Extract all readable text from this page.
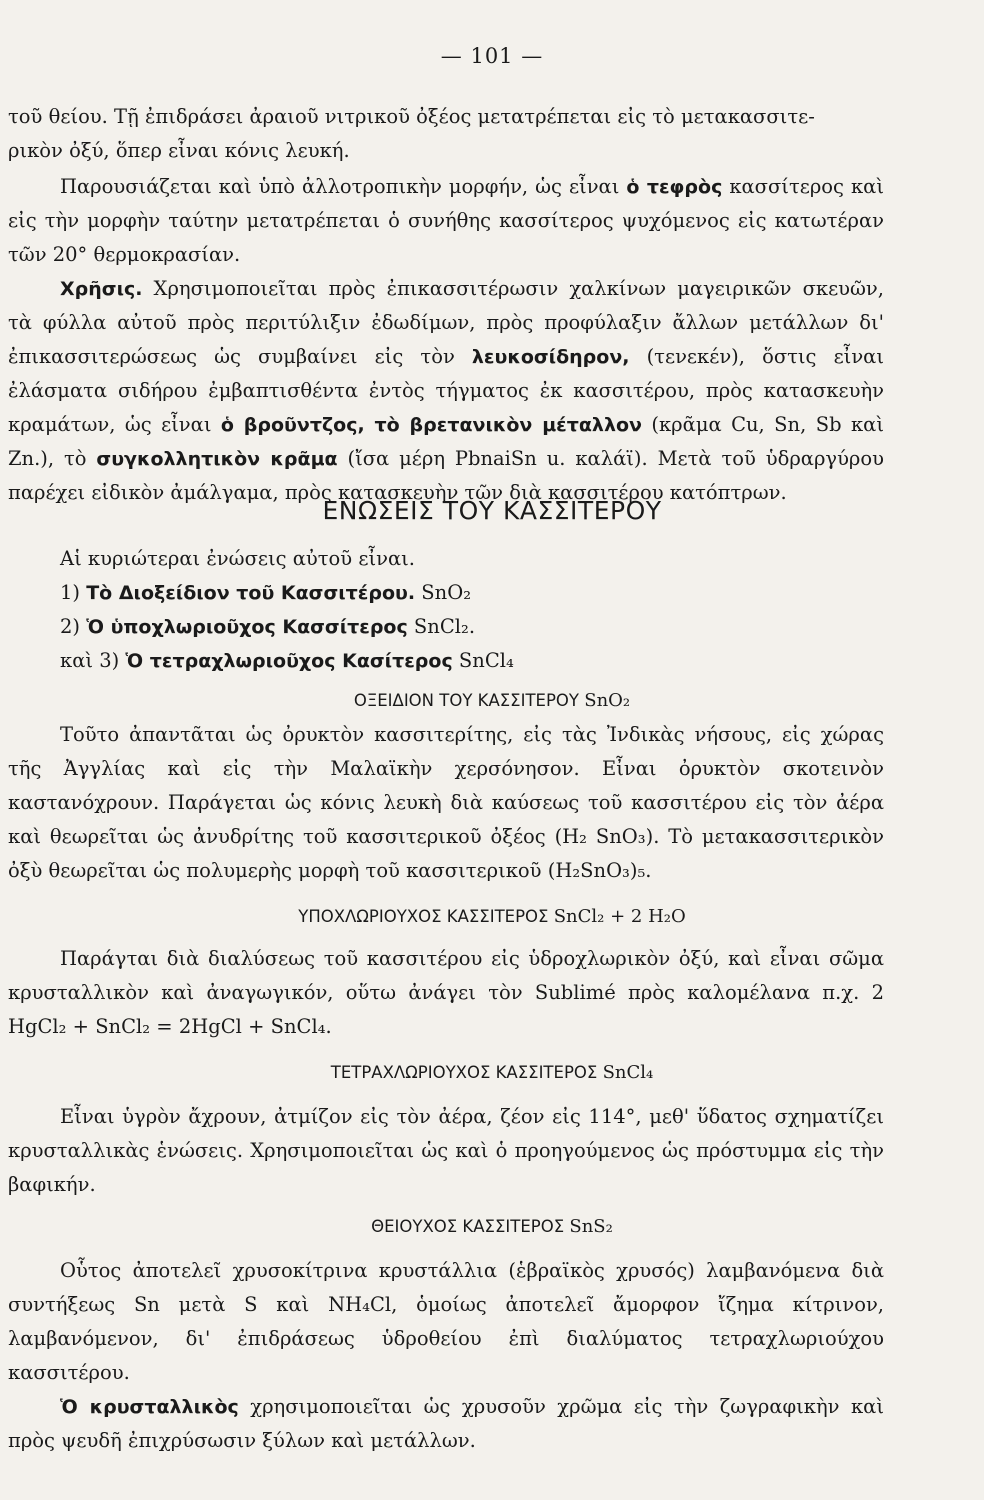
— 101 —

τοῦ θείου. Τῇ ἐπιδράσει ἀραιοῦ νιτρικοῦ ὀξέος μετατρέπεται εἰς τὸ μετακασσιτε-

ρικὸν ὀξύ, ὅπερ εἶναι κόνις λευκή.

Παρουσιάζεται καὶ ὑπὸ ἀλλοτροπικὴν μορφήν, ὡς εἶναι ὁ τεφρὸς κασσίτερος καὶ εἰς τὴν μορφὴν ταύτην μετατρέπεται ὁ συνήθης κασσίτερος ψυχόμενος εἰς κατωτέραν τῶν 20° θερμοκρασίαν.

Χρῆσις. Χρησιμοποιεῖται πρὸς ἐπικασσιτέρωσιν χαλκίνων μαγειρικῶν σκευῶν, τὰ φύλλα αὐτοῦ πρὸς περιτύλιξιν ἐδωδίμων, πρὸς προφύλαξιν ἄλλων μετάλλων δι' ἐπικασσιτερώσεως ὡς συμβαίνει εἰς τὸν λευκοσίδηρον, (τενεκέν), ὅστις εἶναι ἐλάσματα σιδήρου ἐμβαπτισθέντα ἐντὸς τήγματος ἐκ κασσιτέρου, πρὸς κατασκευὴν κραμάτων, ὡς εἶναι ὁ βροῦντζος, τὸ βρετανικὸν μέταλλον (κρᾶμα Cu, Sn, Sb καὶ Zn.), τὸ συγκολλητικὸν κρᾶμα (ἴσα μέρη PbnaiSn u. καλάϊ). Μετὰ τοῦ ὑδραργύρου παρέχει εἰδικὸν ἀμάλγαμα, πρὸς κατασκευὴν τῶν διὰ κασσιτέρου κατόπτρων.

ΕΝΩΣΕΙΣ ΤΟΥ ΚΑΣΣΙΤΕΡΟΥ

Αἱ κυριώτεραι ἐνώσεις αὐτοῦ εἶναι.

1) Τὸ Διοξείδιον τοῦ Κασσιτέρου. SnO₂

2) Ὁ ὑποχλωριοῦχος Κασσίτερος SnCl₂.

καὶ 3) Ὁ τετραχλωριοῦχος Κασίτερος SnCl₄

ΟΞΕΙΔΙΟΝ ΤΟΥ ΚΑΣΣΙΤΕΡΟΥ SnO₂

Τοῦτο ἀπαντᾶται ὡς ὀρυκτὸν κασσιτερίτης, εἰς τὰς Ἰνδικὰς νήσους, εἰς χώρας τῆς Ἀγγλίας καὶ εἰς τὴν Μαλαϊκὴν χερσόνησον. Εἶναι ὀρυκτὸν σκοτεινὸν καστανόχρουν. Παράγεται ὡς κόνις λευκὴ διὰ καύσεως τοῦ κασσιτέρου εἰς τὸν ἀέρα καὶ θεωρεῖται ὡς ἀνυδρίτης τοῦ κασσιτερικοῦ ὀξέος (H₂ SnO₃). Τὸ μετακασσιτερικὸν ὀξὺ θεωρεῖται ὡς πολυμερὴς μορφὴ τοῦ κασσιτερικοῦ (H₂SnO₃)₅.

ΥΠΟΧΛΩΡΙΟΥΧΟΣ ΚΑΣΣΙΤΕΡΟΣ SnCl₂ + 2 H₂O

Παράγται διὰ διαλύσεως τοῦ κασσιτέρου εἰς ὑδροχλωρικὸν ὀξύ, καὶ εἶναι σῶμα κρυσταλλικὸν καὶ ἀναγωγικόν, οὕτω ἀνάγει τὸν Sublimé πρὸς καλομέλανα π.χ. 2 HgCl₂ + SnCl₂ = 2HgCl + SnCl₄.

ΤΕΤΡΑΧΛΩΡΙΟΥΧΟΣ ΚΑΣΣΙΤΕΡΟΣ SnCl₄

Εἶναι ὑγρὸν ἄχρουν, ἀτμίζον εἰς τὸν ἀέρα, ζέον εἰς 114°, μεθ' ὕδατος σχηματίζει κρυσταλλικὰς ἑνώσεις. Χρησιμοποιεῖται ὡς καὶ ὁ προηγούμενος ὡς πρόστυμμα εἰς τὴν βαφικήν.

ΘΕΙΟΥΧΟΣ ΚΑΣΣΙΤΕΡΟΣ SnS₂

Οὗτος ἀποτελεῖ χρυσοκίτρινα κρυστάλλια (ἑβραϊκὸς χρυσός) λαμβανόμενα διὰ συντήξεως Sn μετὰ S καὶ NH₄Cl, ὁμοίως ἀποτελεῖ ἄμορφον ἴζημα κίτρινον, λαμβανόμενον, δι' ἐπιδράσεως ὑδροθείου ἐπὶ διαλύματος τετραχλωριούχου κασσιτέρου.

Ὁ κρυσταλλικὸς χρησιμοποιεῖται ὡς χρυσοῦν χρῶμα εἰς τὴν ζωγραφικὴν καὶ πρὸς ψευδῆ ἐπιχρύσωσιν ξύλων καὶ μετάλλων.
